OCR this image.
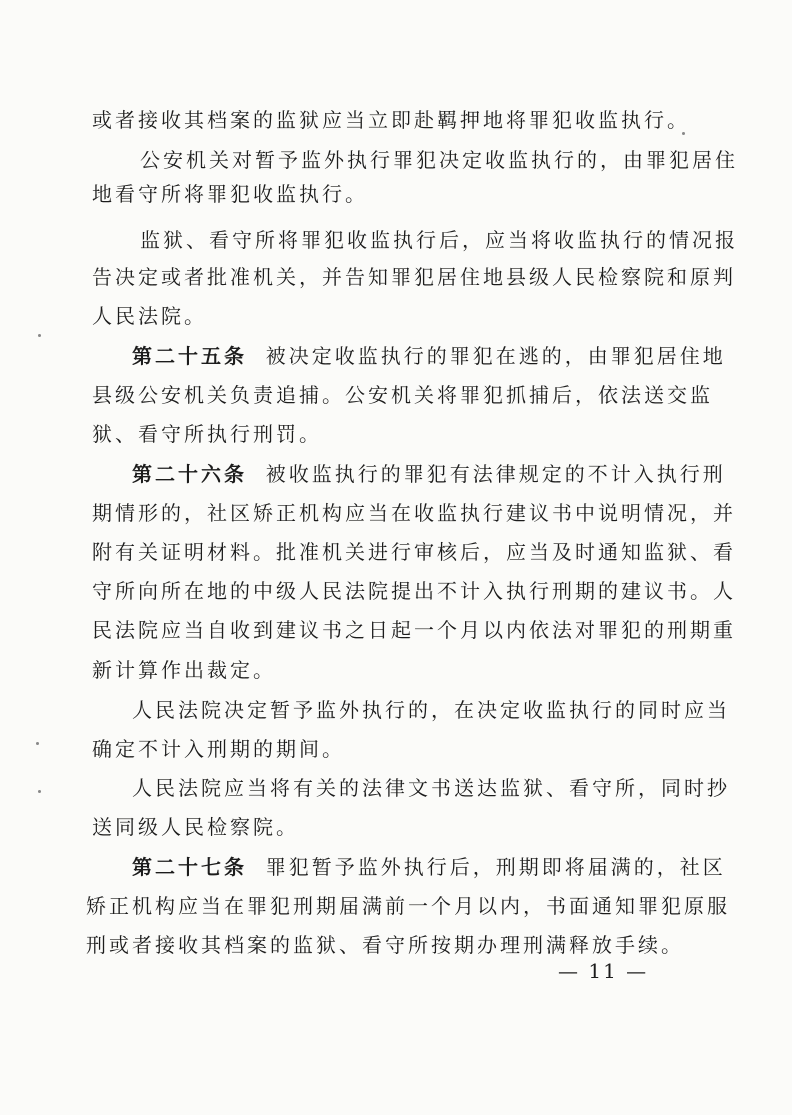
或者接收其档案的监狱应当立即赴羁押地将罪犯收监执行。
公安机关对暂予监外执行罪犯决定收监执行的，由罪犯居住
地看守所将罪犯收监执行。
监狱、看守所将罪犯收监执行后，应当将收监执行的情况报
告决定或者批准机关，并告知罪犯居住地县级人民检察院和原判
人民法院。
第二十五条 被决定收监执行的罪犯在逃的，由罪犯居住地
县级公安机关负责追捕。公安机关将罪犯抓捕后，依法送交监
狱、看守所执行刑罚。
第二十六条 被收监执行的罪犯有法律规定的不计入执行刑
期情形的，社区矫正机构应当在收监执行建议书中说明情况，并
附有关证明材料。批准机关进行审核后，应当及时通知监狱、看
守所向所在地的中级人民法院提出不计入执行刑期的建议书。人
民法院应当自收到建议书之日起一个月以内依法对罪犯的刑期重
新计算作出裁定。
人民法院决定暂予监外执行的，在决定收监执行的同时应当
确定不计入刑期的期间。
人民法院应当将有关的法律文书送达监狱、看守所，同时抄
送同级人民检察院。
第二十七条 罪犯暂予监外执行后，刑期即将届满的，社区
矫正机构应当在罪犯刑期届满前一个月以内，书面通知罪犯原服
刑或者接收其档案的监狱、看守所按期办理刑满释放手续。
— 11 —
